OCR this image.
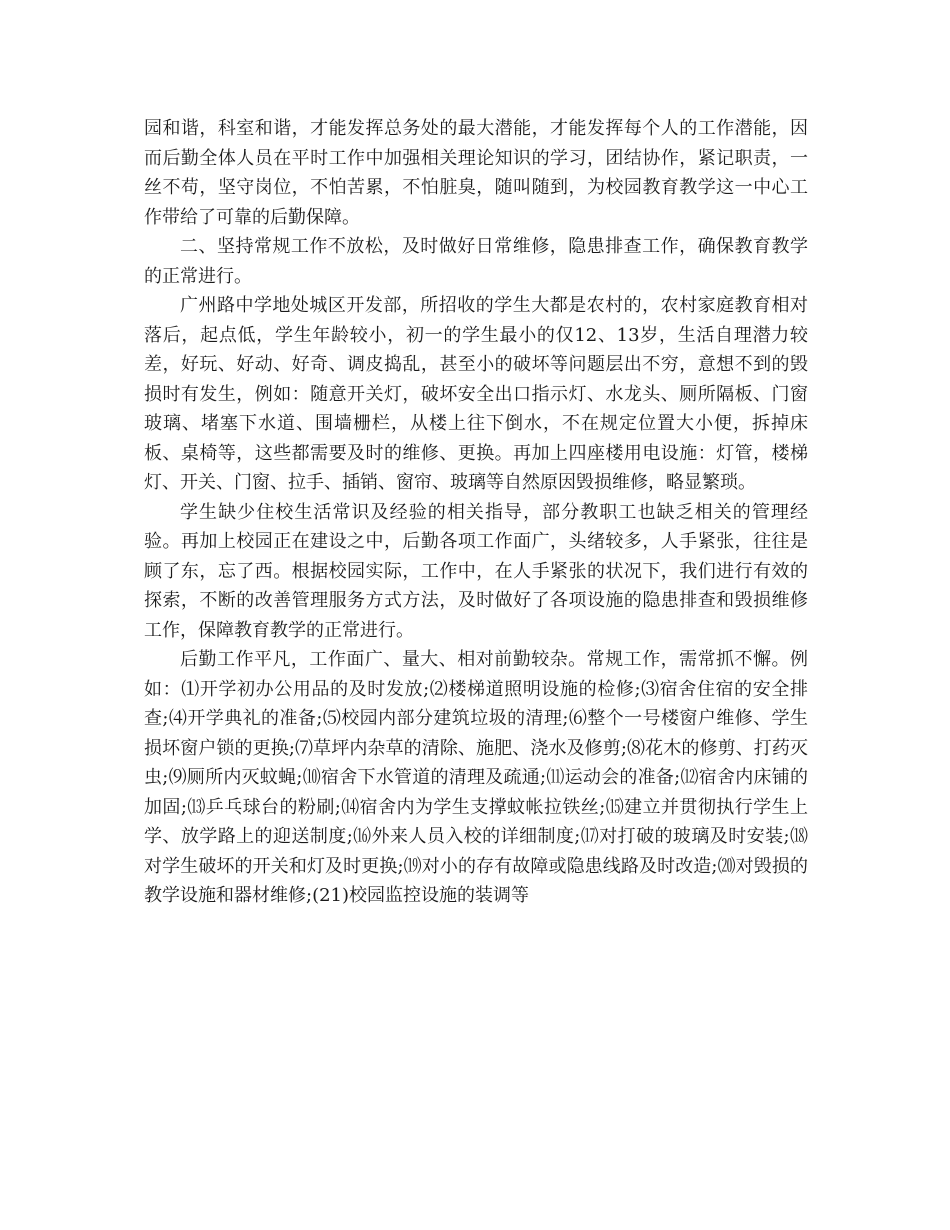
园和谐，科室和谐，才能发挥总务处的最大潜能，才能发挥每个人的工作潜能，因而后勤全体人员在平时工作中加强相关理论知识的学习，团结协作，紧记职责，一丝不苟，坚守岗位，不怕苦累，不怕脏臭，随叫随到，为校园教育教学这一中心工作带给了可靠的后勤保障。

二、坚持常规工作不放松，及时做好日常维修，隐患排查工作，确保教育教学的正常进行。

广州路中学地处城区开发部，所招收的学生大都是农村的，农村家庭教育相对落后，起点低，学生年龄较小，初一的学生最小的仅12、13岁，生活自理潜力较差，好玩、好动、好奇、调皮捣乱，甚至小的破坏等问题层出不穷，意想不到的毁损时有发生，例如：随意开关灯，破坏安全出口指示灯、水龙头、厕所隔板、门窗玻璃、堵塞下水道、围墙栅栏，从楼上往下倒水，不在规定位置大小便，拆掉床板、桌椅等，这些都需要及时的维修、更换。再加上四座楼用电设施：灯管，楼梯灯、开关、门窗、拉手、插销、窗帘、玻璃等自然原因毁损维修，略显繁琐。

学生缺少住校生活常识及经验的相关指导，部分教职工也缺乏相关的管理经验。再加上校园正在建设之中，后勤各项工作面广，头绪较多，人手紧张，往往是顾了东，忘了西。根据校园实际，工作中，在人手紧张的状况下，我们进行有效的探索，不断的改善管理服务方式方法，及时做好了各项设施的隐患排查和毁损维修工作，保障教育教学的正常进行。

后勤工作平凡，工作面广、量大、相对前勤较杂。常规工作，需常抓不懈。例如：⑴开学初办公用品的及时发放;⑵楼梯道照明设施的检修;⑶宿舍住宿的安全排查;⑷开学典礼的准备;⑸校园内部分建筑垃圾的清理;⑹整个一号楼窗户维修、学生损坏窗户锁的更换;⑺草坪内杂草的清除、施肥、浇水及修剪;⑻花木的修剪、打药灭虫;⑼厕所内灭蚊蝇;⑽宿舍下水管道的清理及疏通;⑾运动会的准备;⑿宿舍内床铺的加固;⒀乒乓球台的粉刷;⒁宿舍内为学生支撑蚊帐拉铁丝;⒂建立并贯彻执行学生上学、放学路上的迎送制度;⒃外来人员入校的详细制度;⒄对打破的玻璃及时安装;⒅对学生破坏的开关和灯及时更换;⒆对小的存有故障或隐患线路及时改造;⒇对毁损的教学设施和器材维修;(21)校园监控设施的装调等
